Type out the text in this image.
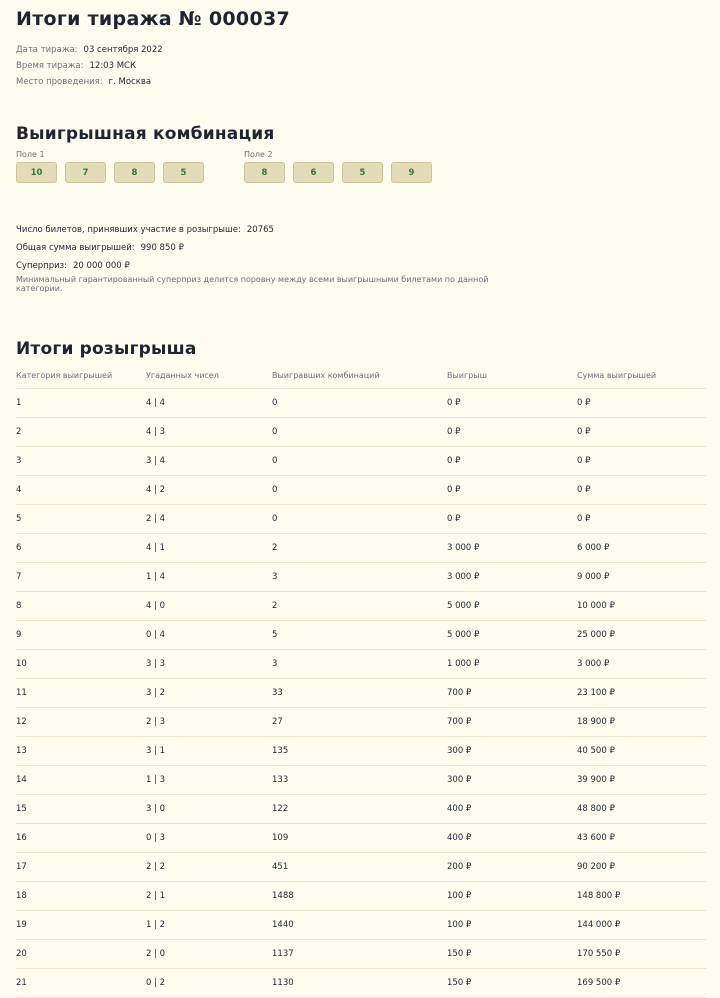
Итоги тиража № 000037
Дата тиража: 03 сентября 2022
Время тиража: 12:03 МСК
Место проведения: г. Москва
Выигрышная комбинация
Поле 1
10	7	8	5
Поле 2
8	6	5	9
Число билетов, принявших участие в розыгрыше: 20765
Общая сумма выигрышей: 990 850 ₽
Суперприз: 20 000 000 ₽
Минимальный гарантированный суперприз делится поровну между всеми выигрышными билетами по данной категории.
Итоги розыгрыша
Категория выигрышей	Угаданных чисел	Выигравших комбинаций	Выигрыш	Сумма выигрышей
1	4 | 4	0	0 ₽	0 ₽
2	4 | 3	0	0 ₽	0 ₽
3	3 | 4	0	0 ₽	0 ₽
4	4 | 2	0	0 ₽	0 ₽
5	2 | 4	0	0 ₽	0 ₽
6	4 | 1	2	3 000 ₽	6 000 ₽
7	1 | 4	3	3 000 ₽	9 000 ₽
8	4 | 0	2	5 000 ₽	10 000 ₽
9	0 | 4	5	5 000 ₽	25 000 ₽
10	3 | 3	3	1 000 ₽	3 000 ₽
11	3 | 2	33	700 ₽	23 100 ₽
12	2 | 3	27	700 ₽	18 900 ₽
13	3 | 1	135	300 ₽	40 500 ₽
14	1 | 3	133	300 ₽	39 900 ₽
15	3 | 0	122	400 ₽	48 800 ₽
16	0 | 3	109	400 ₽	43 600 ₽
17	2 | 2	451	200 ₽	90 200 ₽
18	2 | 1	1488	100 ₽	148 800 ₽
19	1 | 2	1440	100 ₽	144 000 ₽
20	2 | 0	1137	150 ₽	170 550 ₽
21	0 | 2	1130	150 ₽	169 500 ₽
